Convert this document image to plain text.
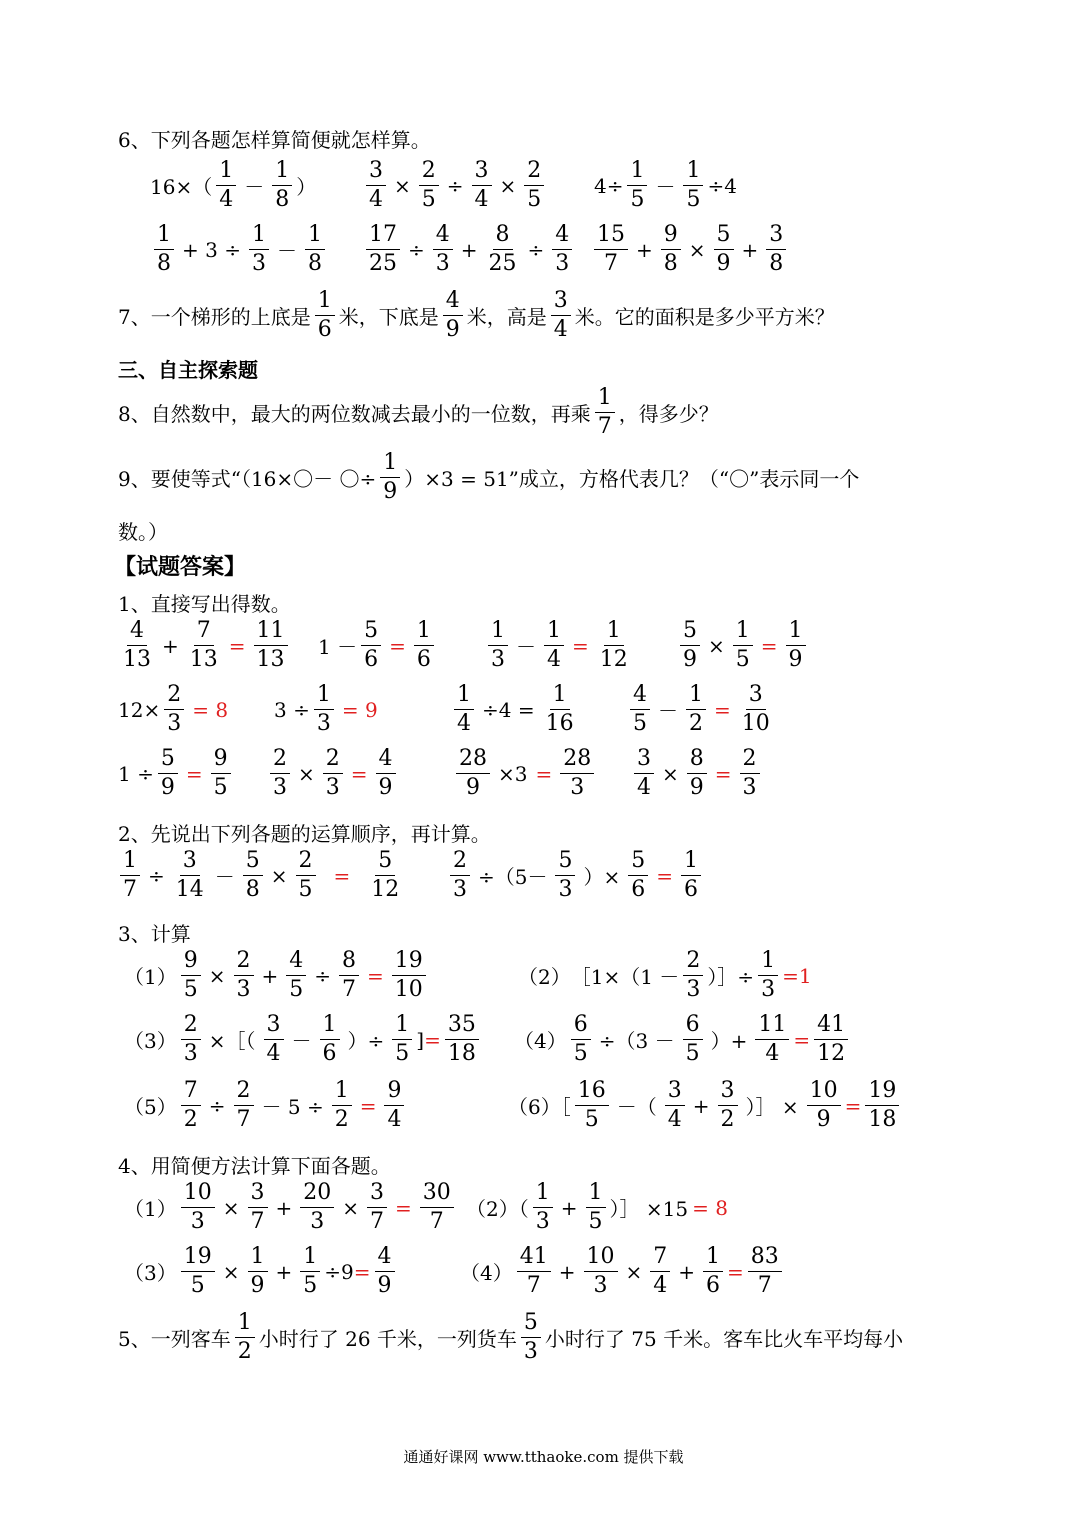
6、下列各题怎样算简便就怎样算。
$16\times( \frac{1}{4} - \frac{1}{8}$ ） $\frac{3}{4} \times \frac{2}{5} \div \frac{3}{4} \times \frac{2}{5} 4\div \frac{1}{5} - \frac{1}{5} \div 4$
$\frac{1}{8} + 3 \div \frac{1}{3} - \frac{1}{8} \frac{17}{25} \div \frac{4}{3} + \frac{8}{25} \div \frac{4}{3} \frac{15}{7} + \frac{9}{8} \times \frac{5}{9} + \frac{3}{8}$
7、一个梯形的上底是 $\frac{1}{6}$ 米，下底是 $\frac{4}{9}$ 米，高是 $\frac{3}{4}$ 米。它的面积是多少平方米？
三、自主探索题
8、自然数中，最大的两位数减去最小的一位数，再乘 $\frac{1}{7}$ ，得多少？
9、要使等式“（16×〇－ 〇÷ $\frac{1}{9} )\times 3 = 51$”成立，方格代表几？（“〇”表示同一个
数。）
【试题答案】
1、直接写出得数。
$\frac{4}{13} + \frac{7}{13} = \frac{11}{13} 1 - \frac{5}{6} = \frac{1}{6} \frac{1}{3} - \frac{1}{4} = \frac{1}{12} \frac{5}{9} \times \frac{1}{5} = \frac{1}{9}$
$12\times \frac{2}{3} = 8$ $3 \div \frac{1}{3} = 9$	$\frac{1}{4} \div 4 = \frac{1}{16} \frac{4}{5} - \frac{1}{2} = \frac{3}{10}$
$1 \div \frac{5}{9} = \frac{9}{5} \frac{2}{3} \times \frac{2}{3} = \frac{4}{9}$	$\frac{28}{9} \times 3 = \frac{28}{3} \frac{3}{4} \times \frac{8}{9} = \frac{2}{3}$
2、先说出下列各题的运算顺序，再计算。
$\frac{1}{7} \div \frac{3}{14} - \frac{5}{8} \times \frac{2}{5} = \frac{5}{12} \frac{2}{3} \div(5- \frac{5}{3}$ ）× $\frac{5}{6} = \frac{1}{6}$
3、计算
$(1) \frac{9}{5} \times \frac{2}{3} + \frac{4}{5} \div \frac{8}{7} = \frac{19}{10}$	（2） ［1×（1 － $\frac{2}{3}$ ）］÷ $\frac{1}{3} =1$
$(3) \frac{2}{3}$ ×［（ $\frac{3}{4} - \frac{1}{6}$ ）÷ $\frac{1}{5}$ ] = $\frac{35}{18} (4) \frac{6}{5} \div(3 - \frac{6}{5}$ ）+ $\frac{11}{4} = \frac{41}{12}$
$(5) \frac{7}{2} \div \frac{2}{7} - 5 \div \frac{1}{2} = \frac{9}{4}$	（6）［ $\frac{16}{5}$ －（ $\frac{3}{4} + \frac{3}{2}$ ）］ × $\frac{10}{9} = \frac{19}{18}$
4、用简便方法计算下面各题。
$(1) \frac{10}{3} \times \frac{3}{7} + \frac{20}{3} \times \frac{3}{7} = \frac{30}{7} (2)( \frac{1}{3} + \frac{1}{5}$ ）］ ×15 = 8
$(3) \frac{19}{5} \times \frac{1}{9} + \frac{1}{5} \div 9 = \frac{4}{9}$	$(4) \frac{41}{7} + \frac{10}{3} \times \frac{7}{4} + \frac{1}{6} = \frac{83}{7}$
5、一列客车 $\frac{1}{2}$ 小时行了 26 千米，一列货车 $\frac{5}{3}$ 小时行了 75 千米。客车比火车平均每小
通通好课网 www.tthaoke.com 提供下载
